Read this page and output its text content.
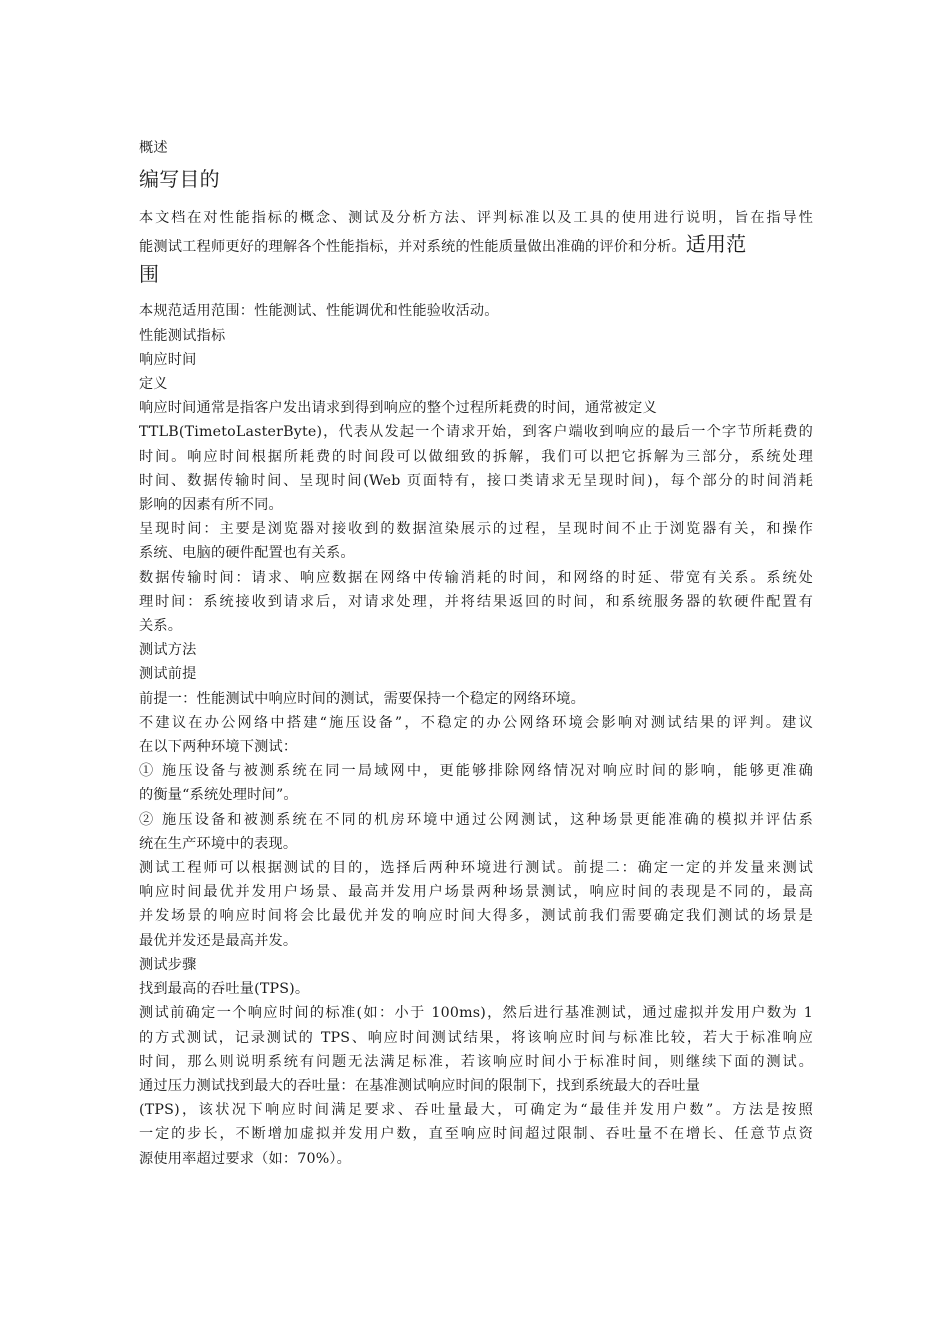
概述
编写目的
本文档在对性能指标的概念、测试及分析方法、评判标准以及工具的使用进行说明，旨在指导性
能测试工程师更好的理解各个性能指标，并对系统的性能质量做出准确的评价和分析。适用范
围
本规范适用范围：性能测试、性能调优和性能验收活动。
性能测试指标
响应时间
定义
响应时间通常是指客户发出请求到得到响应的整个过程所耗费的时间，通常被定义
TTLB(TimetoLasterByte)，代表从发起一个请求开始，到客户端收到响应的最后一个字节所耗费的
时间。响应时间根据所耗费的时间段可以做细致的拆解，我们可以把它拆解为三部分，系统处理
时间、数据传输时间、呈现时间(Web 页面特有，接口类请求无呈现时间)，每个部分的时间消耗
影响的因素有所不同。
呈现时间：主要是浏览器对接收到的数据渲染展示的过程，呈现时间不止于浏览器有关，和操作
系统、电脑的硬件配置也有关系。
数据传输时间：请求、响应数据在网络中传输消耗的时间，和网络的时延、带宽有关系。系统处
理时间：系统接收到请求后，对请求处理，并将结果返回的时间，和系统服务器的软硬件配置有
关系。
测试方法
测试前提
前提一：性能测试中响应时间的测试，需要保持一个稳定的网络环境。
不建议在办公网络中搭建“施压设备”，不稳定的办公网络环境会影响对测试结果的评判。建议
在以下两种环境下测试：
① 施压设备与被测系统在同一局域网中，更能够排除网络情况对响应时间的影响，能够更准确
的衡量“系统处理时间”。
② 施压设备和被测系统在不同的机房环境中通过公网测试，这种场景更能准确的模拟并评估系
统在生产环境中的表现。
测试工程师可以根据测试的目的，选择后两种环境进行测试。前提二：确定一定的并发量来测试
响应时间最优并发用户场景、最高并发用户场景两种场景测试，响应时间的表现是不同的，最高
并发场景的响应时间将会比最优并发的响应时间大得多，测试前我们需要确定我们测试的场景是
最优并发还是最高并发。
测试步骤
找到最高的吞吐量(TPS)。
测试前确定一个响应时间的标准(如：小于 100ms)，然后进行基准测试，通过虚拟并发用户数为 1
的方式测试，记录测试的 TPS、响应时间测试结果，将该响应时间与标准比较，若大于标准响应
时间，那么则说明系统有问题无法满足标准，若该响应时间小于标准时间，则继续下面的测试。
通过压力测试找到最大的吞吐量：在基准测试响应时间的限制下，找到系统最大的吞吐量
(TPS)，该状况下响应时间满足要求、吞吐量最大，可确定为“最佳并发用户数”。方法是按照
一定的步长，不断增加虚拟并发用户数，直至响应时间超过限制、吞吐量不在增长、任意节点资
源使用率超过要求（如：70%）。
